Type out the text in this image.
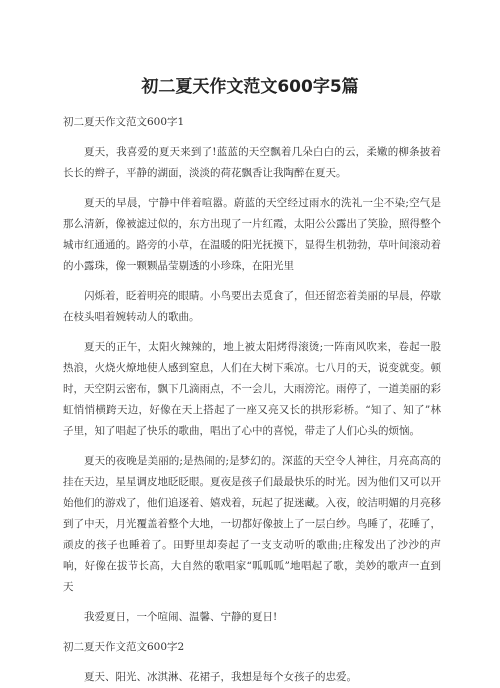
初二夏天作文范文600字5篇

初二夏天作文范文600字1

夏天，我喜爱的夏天来到了!蓝蓝的天空飘着几朵白白的云，柔嫩的柳条披着长长的辫子，平静的湖面，淡淡的荷花飘香让我陶醉在夏天。

夏天的早晨，宁静中伴着喧嚣。蔚蓝的天空经过雨水的洗礼一尘不染;空气是那么清新，像被滤过似的，东方出现了一片红霞，太阳公公露出了笑脸，照得整个城市红通通的。路旁的小草，在温暖的阳光抚摸下，显得生机勃勃，草叶间滚动着的小露珠，像一颗颗晶莹剔透的小珍珠，在阳光里

闪烁着，眨着明亮的眼睛。小鸟要出去觅食了，但还留恋着美丽的早晨，停歇在枝头唱着婉转动人的歌曲。

夏天的正午，太阳火辣辣的，地上被太阳烤得滚烫;一阵南风吹来，卷起一股热浪，火烧火燎地使人感到窒息，人们在大树下乘凉。七八月的天，说变就变。顿时，天空阴云密布，飘下几滴雨点，不一会儿，大雨滂沱。雨停了，一道美丽的彩虹悄悄横跨天边，好像在天上搭起了一座又亮又长的拱形彩桥。“知了、知了”林子里，知了唱起了快乐的歌曲，唱出了心中的喜悦，带走了人们心头的烦恼。

夏天的夜晚是美丽的;是热闹的;是梦幻的。深蓝的天空令人神往，月亮高高的挂在天边，星星调皮地眨眨眼。夏夜是孩子们最最快乐的时光。因为他们又可以开始他们的游戏了，他们追逐着、嬉戏着，玩起了捉迷藏。入夜，皎洁明媚的月亮移到了中天，月光覆盖着整个大地，一切都好像披上了一层白纱。鸟睡了，花睡了，顽皮的孩子也睡着了。田野里却奏起了一支支动听的歌曲;庄稼发出了沙沙的声响，好像在拔节长高，大自然的歌唱家“呱呱呱”地唱起了歌，美妙的歌声一直到天

我爱夏日，一个喧闹、温馨、宁静的夏日!

初二夏天作文范文600字2

夏天、阳光、冰淇淋、花裙子，我想是每个女孩子的忠爱。
